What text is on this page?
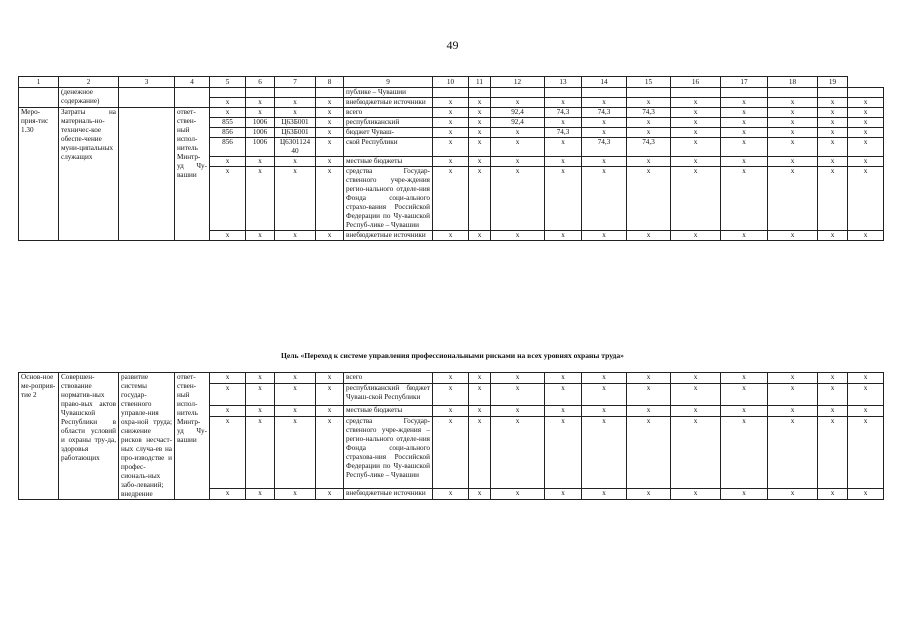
49
1	2	3	4	5	6	7	8	9	10	11	12	13	14	15	16	17	18	19	
	(денежное содержание)							публике – Чувашии											
				x	x	x	x	внебюджетные источники	x	x	x	x	x	x	x	x	x	x	x
Меро-прия-тис 1.30	Затраты на материаль-но-техничес-кое обеспе-чение муни-ципальных служащих		ответ-ствен-ный испол-нитель Минтр-уд Чу-вашии	x	x	x	x	всего	x	x	92,4	74,3	74,3	74,3	x	x	x	x	x
				855	1006	Ц63Б001	x	республиканский	x	x	92,4	x	x	x	x	x	x	x	x
				856	1006	Ц63Б001	x	бюджет Чуваш-	x	x	x	74,3	x	x	x	x	x	x	x
				856	1006	Ц6301124 40	x	ской Республики	x	x	x	x	74,3	74,3	x	x	x	x	x
				x	x	x	x	местные бюджеты	x	x	x	x	x	x	x	x	x	x	x
				x	x	x	x	средства Государ-ственного учре-ждения регио-нального отделе-ния Фонда соци-ального страхо-вания Российской Федерации по Чу-вашской Респуб-лике – Чувашии	x	x	x	x	x	x	x	x	x	x	x
				x	x	x	x	внебюджетные источники	x	x	x	x	x	x	x	x	x	x	x
Цель «Переход к системе управления профессиональными рисками на всех уровнях охраны труда»
Основ-ное ме-роприя-тие 2	Совершен-ствование норматив-ных право-вых актов Чувашской Республики в области условий и охраны тру-да, здоровья работающих	развитие системы государ-ственного управле-ния охра-ной труда; снижение рисков несчаст-ных случа-ев на про-изводстве и профес-сиональ-ных забо-леваний; внедрение	ответ-ствен-ный испол-нитель Минтр-уд Чу-вашии	x	x	x	x	всего	x	x	x	x	x	x	x	x	x	x	x
				x	x	x	x	республиканский бюджет Чуваш-ской Республики	x	x	x	x	x	x	x	x	x	x	x
				x	x	x	x	местные бюджеты	x	x	x	x	x	x	x	x	x	x	x
				x	x	x	x	средства Государ-ственного учре-ждения – регио-нального отделе-ния Фонда соци-ального страхова-ния Российской Федерации по Чу-вашской Респуб-лике – Чувашии	x	x	x	x	x	x	x	x	x	x	x
				x	x	x	x	внебюджетные источники	x	x	x	x	x	x	x	x	x	x	x
